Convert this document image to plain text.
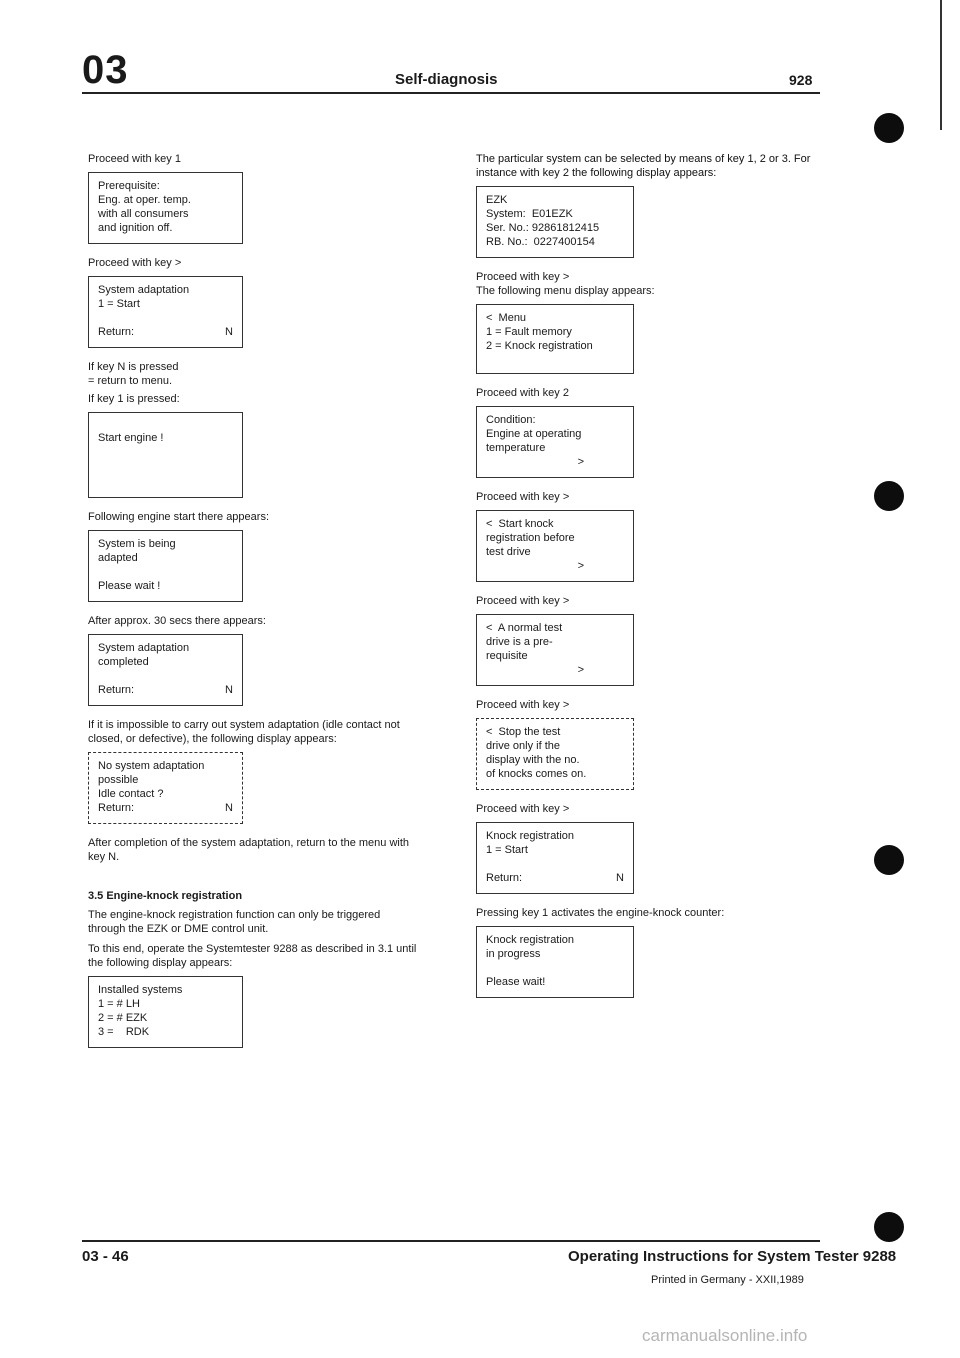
03	Self-diagnosis	928

Proceed with key 1

Prerequisite:
Eng. at oper. temp.
with all consumers
and ignition off.

Proceed with key >

System adaptation
1 = Start
Return:	N

If key N is pressed

= return to menu.

If key 1 is pressed:

Start engine !

Following engine start there appears:

System is being
adapted

Please wait !

After approx. 30 secs there appears:

System adaptation
completed
Return:	N

If it is impossible to carry out system adaptation (idle contact not closed, or defective), the following display appears:

No system adaptation
possible
Idle contact ?
Return:	N

After completion of the system adaptation, return to the menu with key N.

3.5 Engine-knock registration

The engine-knock registration function can only be triggered through the EZK or DME control unit.

To this end, operate the Systemtester 9288 as described in 3.1 until the following display appears:

Installed systems
1 = # LH
2 = # EZK
3 =    RDK

The particular system can be selected by means of key 1, 2 or 3. For instance with key 2 the following display appears:

EZK
System:  E01EZK
Ser. No.: 92861812415
RB. No.:  0227400154

Proceed with key >

The following menu display appears:

<  Menu
1 = Fault memory
2 = Knock registration

Proceed with key 2

Condition:
Engine at operating
temperature
>

Proceed with key >

<  Start knock
registration before
test drive
>

Proceed with key >

<  A normal test
drive is a pre-
requisite
>

Proceed with key >

<  Stop the test
drive only if the
display with the no.
of knocks comes on.

Proceed with key >

Knock registration
1 = Start
Return:	N

Pressing key 1 activates the engine-knock counter:

Knock registration
in progress

Please wait!
03 - 46	Operating Instructions for System Tester 9288
Printed in Germany - XXII,1989
carmanualsonline.info
